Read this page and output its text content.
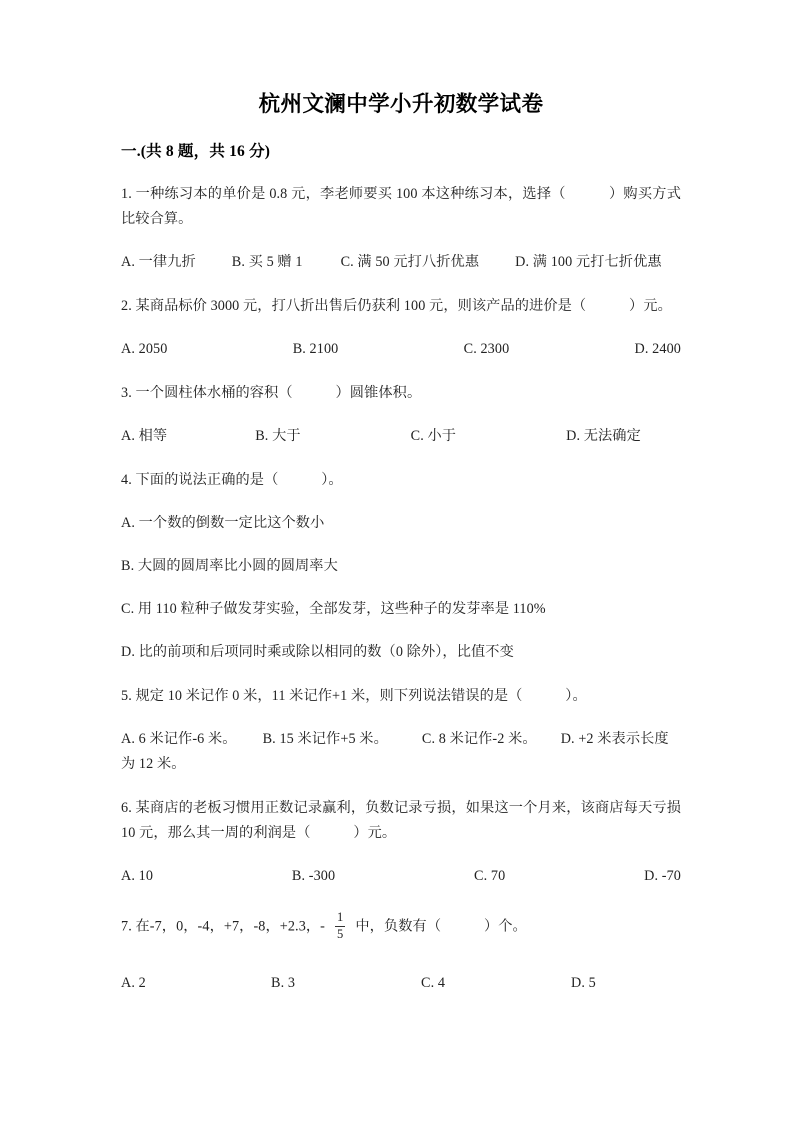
杭州文澜中学小升初数学试卷
一.(共 8 题，共 16 分)
1. 一种练习本的单价是 0.8 元，李老师要买 100 本这种练习本，选择（　　　）购买方式比较合算。
A. 一律九折	B. 买 5 赠 1	C. 满 50 元打八折优惠	D. 满 100 元打七折优惠
2. 某商品标价 3000 元，打八折出售后仍获利 100 元，则该产品的进价是（　　　）元。
A. 2050	B. 2100	C. 2300	D. 2400
3. 一个圆柱体水桶的容积（　　　）圆锥体积。
A. 相等	B. 大于	C. 小于	D. 无法确定
4. 下面的说法正确的是（　　　）。
A. 一个数的倒数一定比这个数小
B. 大圆的圆周率比小圆的圆周率大
C. 用 110 粒种子做发芽实验，全部发芽，这些种子的发芽率是 110%
D. 比的前项和后项同时乘或除以相同的数（0 除外），比值不变
5. 规定 10 米记作 0 米，11 米记作+1 米，则下列说法错误的是（　　　）。
A. 6 米记作-6 米。 B. 15 米记作+5 米。 C. 8 米记作-2 米。 D. +2 米表示长度为 12 米。
6. 某商店的老板习惯用正数记录赢利，负数记录亏损，如果这一个月来，该商店每天亏损 10 元，那么其一周的利润是（　　　）元。
A. 10	B. -300	C. 70	D. -70
7. 在-7，0，-4，+7，-8，+2.3，- $\frac{1}{5}$ 中，负数有（　　　）个。
A. 2	B. 3	C. 4	D. 5
